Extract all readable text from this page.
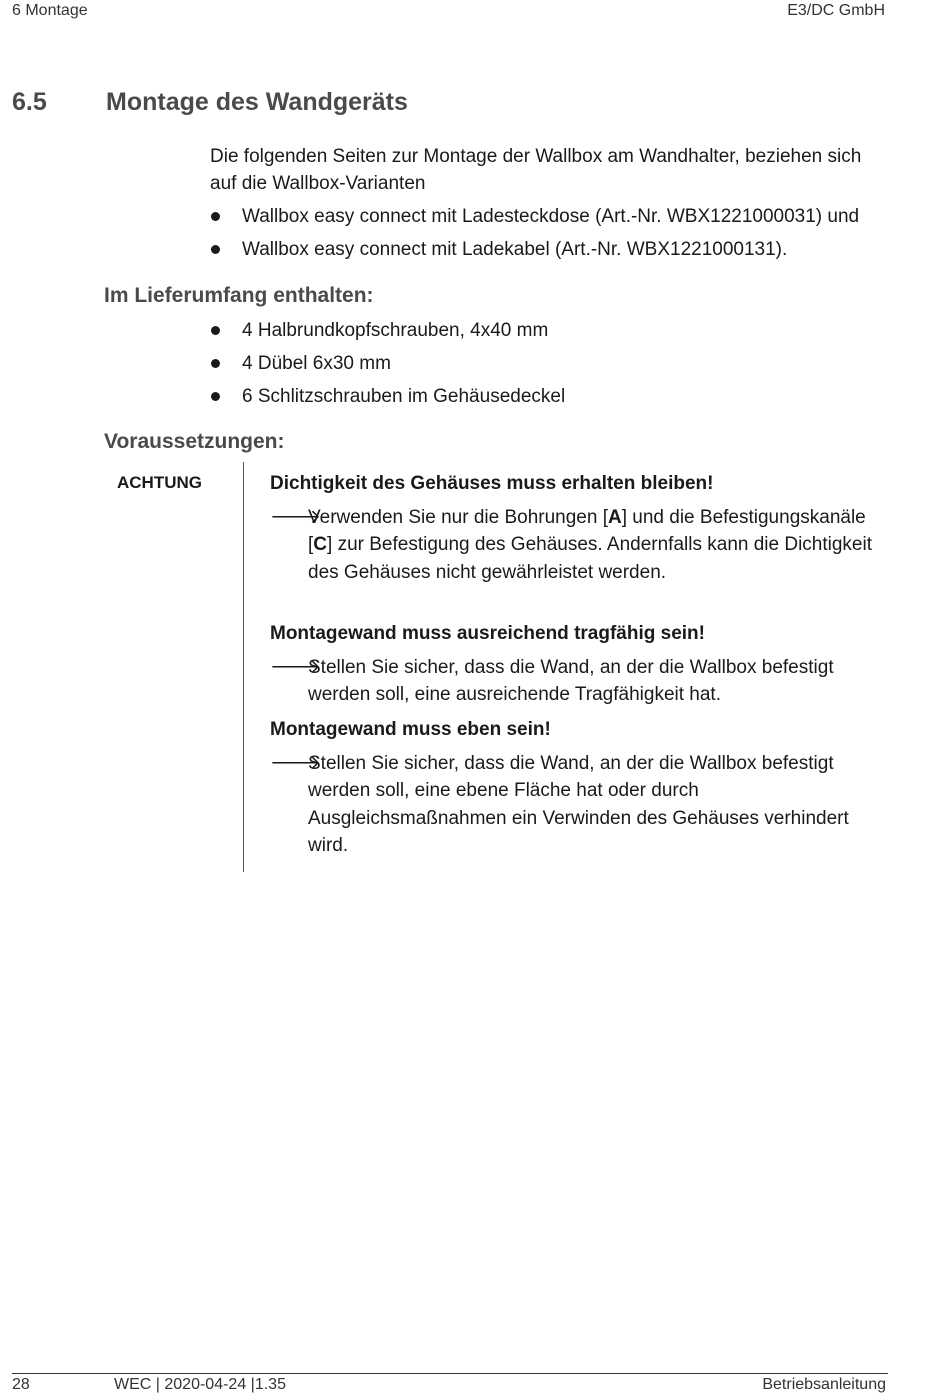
6 Montage	E3/DC GmbH
6.5 Montage des Wandgeräts

Die folgenden Seiten zur Montage der Wallbox am Wandhalter, beziehen sich auf die Wallbox-Varianten

Wallbox easy connect mit Ladesteckdose (Art.-Nr. WBX1221000031) und
Wallbox easy connect mit Ladekabel (Art.-Nr. WBX1221000131).
Im Lieferumfang enthalten:
4 Halbrundkopfschrauben, 4x40 mm
4 Dübel 6x30 mm
6 Schlitzschrauben im Gehäusedeckel
Voraussetzungen:
ACHTUNG	Dichtigkeit des Gehäuses muss erhalten bleiben!

🡒
Verwenden Sie nur die Bohrungen [A] und die Befestigungskanäle [C] zur Befestigung des Gehäuses. Andernfalls kann die Dichtigkeit des Gehäuses nicht gewährleistet werden.

Montagewand muss ausreichend tragfähig sein!

🡒
Stellen Sie sicher, dass die Wand, an der die Wallbox befestigt werden soll, eine ausreichende Tragfähigkeit hat.

Montagewand muss eben sein!

🡒
Stellen Sie sicher, dass die Wand, an der die Wallbox befestigt werden soll, eine ebene Fläche hat oder durch Ausgleichsmaßnahmen ein Verwinden des Gehäuses verhindert wird.

28	WEC | 2020-04-24 |1.35	Betriebsanleitung
